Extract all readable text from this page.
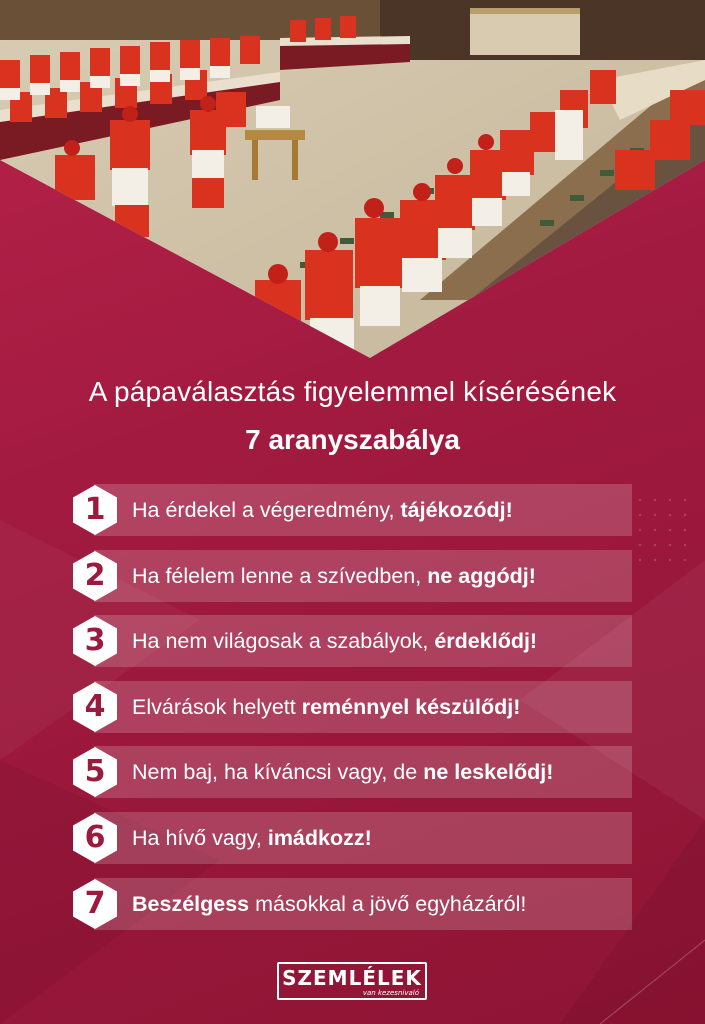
A pápaválasztás figyelemmel kísérésének
7 aranyszabálya
1	Ha érdekel a végeredmény, tájékozódj!
2	Ha félelem lenne a szívedben, ne aggódj!
3	Ha nem világosak a szabályok, érdeklődj!
4	Elvárások helyett reménnyel készülődj!
5	Nem baj, ha kíváncsi vagy, de ne leskelődj!
6	Ha hívő vagy, imádkozz!
7	Beszélgess másokkal a jövő egyházáról!
SZEMLÉLEK
van kezesnivaló
